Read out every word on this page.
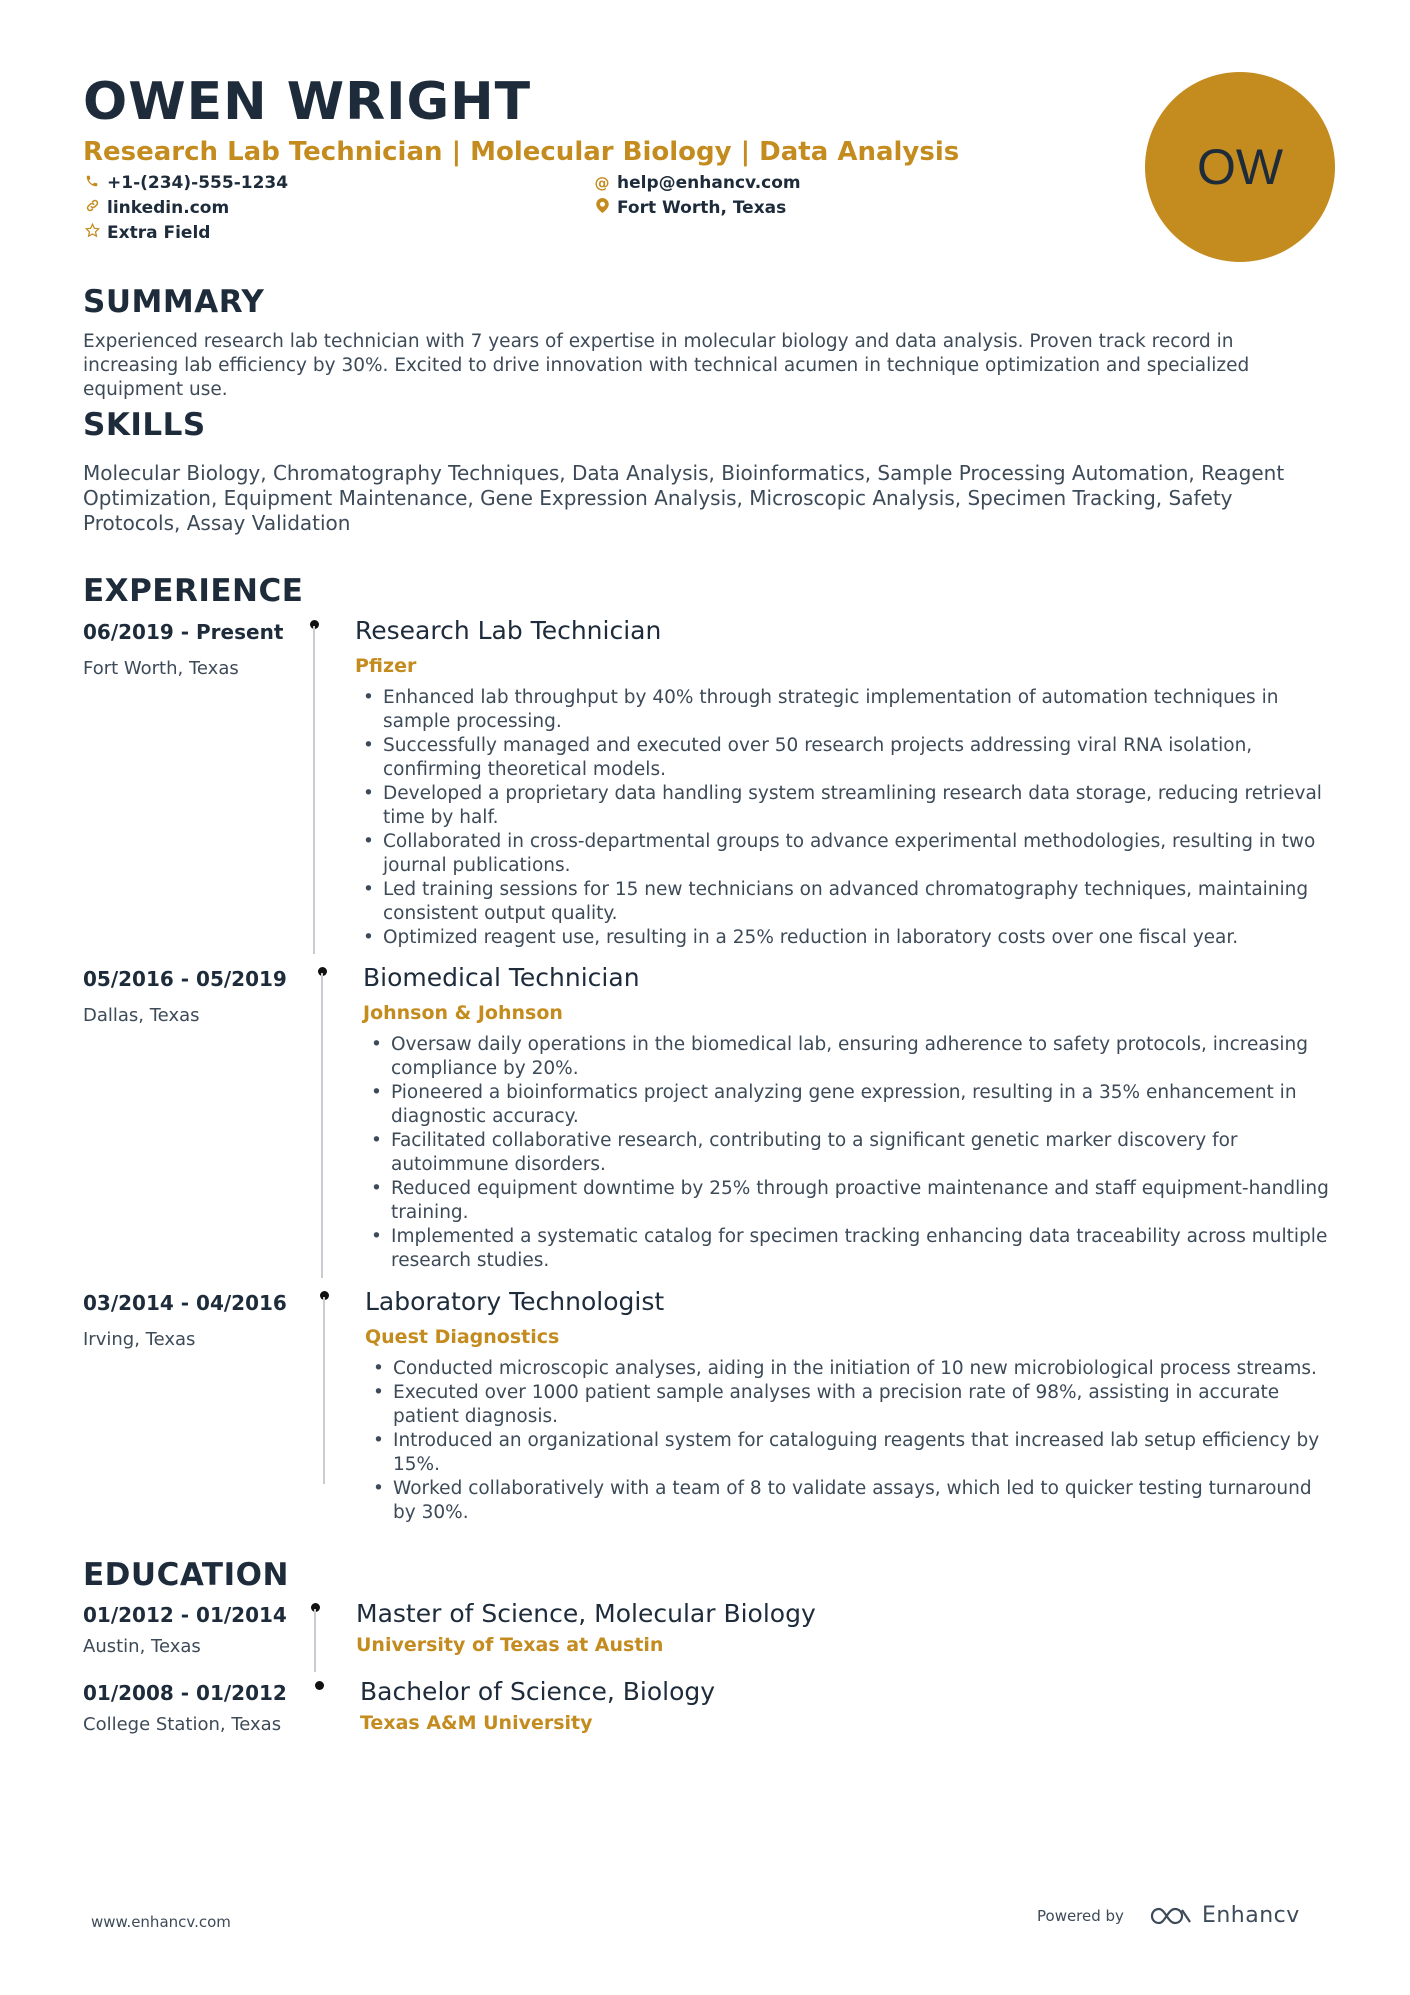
OWEN WRIGHT
Research Lab Technician | Molecular Biology | Data Analysis
+1-(234)-555-1234	@ help@enhancv.com
linkedin.com	Fort Worth, Texas
Extra Field
OW
SUMMARY
Experienced research lab technician with 7 years of expertise in molecular biology and data analysis. Proven track record in increasing lab efficiency by 30%. Excited to drive innovation with technical acumen in technique optimization and specialized equipment use.
SKILLS
Molecular Biology, Chromatography Techniques, Data Analysis, Bioinformatics, Sample Processing Automation, Reagent Optimization, Equipment Maintenance, Gene Expression Analysis, Microscopic Analysis, Specimen Tracking, Safety Protocols, Assay Validation
EXPERIENCE
06/2019 - Present
Fort Worth, Texas
Research Lab Technician
Pfizer
• Enhanced lab throughput by 40% through strategic implementation of automation techniques in sample processing.
• Successfully managed and executed over 50 research projects addressing viral RNA isolation, confirming theoretical models.
• Developed a proprietary data handling system streamlining research data storage, reducing retrieval time by half.
• Collaborated in cross-departmental groups to advance experimental methodologies, resulting in two journal publications.
• Led training sessions for 15 new technicians on advanced chromatography techniques, maintaining consistent output quality.
• Optimized reagent use, resulting in a 25% reduction in laboratory costs over one fiscal year.
05/2016 - 05/2019
Dallas, Texas
Biomedical Technician
Johnson & Johnson
• Oversaw daily operations in the biomedical lab, ensuring adherence to safety protocols, increasing compliance by 20%.
• Pioneered a bioinformatics project analyzing gene expression, resulting in a 35% enhancement in diagnostic accuracy.
• Facilitated collaborative research, contributing to a significant genetic marker discovery for autoimmune disorders.
• Reduced equipment downtime by 25% through proactive maintenance and staff equipment-handling training.
• Implemented a systematic catalog for specimen tracking enhancing data traceability across multiple research studies.
03/2014 - 04/2016
Irving, Texas
Laboratory Technologist
Quest Diagnostics
• Conducted microscopic analyses, aiding in the initiation of 10 new microbiological process streams.
• Executed over 1000 patient sample analyses with a precision rate of 98%, assisting in accurate patient diagnosis.
• Introduced an organizational system for cataloguing reagents that increased lab setup efficiency by 15%.
• Worked collaboratively with a team of 8 to validate assays, which led to quicker testing turnaround by 30%.
EDUCATION
01/2012 - 01/2014
Austin, Texas
Master of Science, Molecular Biology
University of Texas at Austin
01/2008 - 01/2012
College Station, Texas
Bachelor of Science, Biology
Texas A&M University
www.enhancv.com	Powered by	Enhancv
